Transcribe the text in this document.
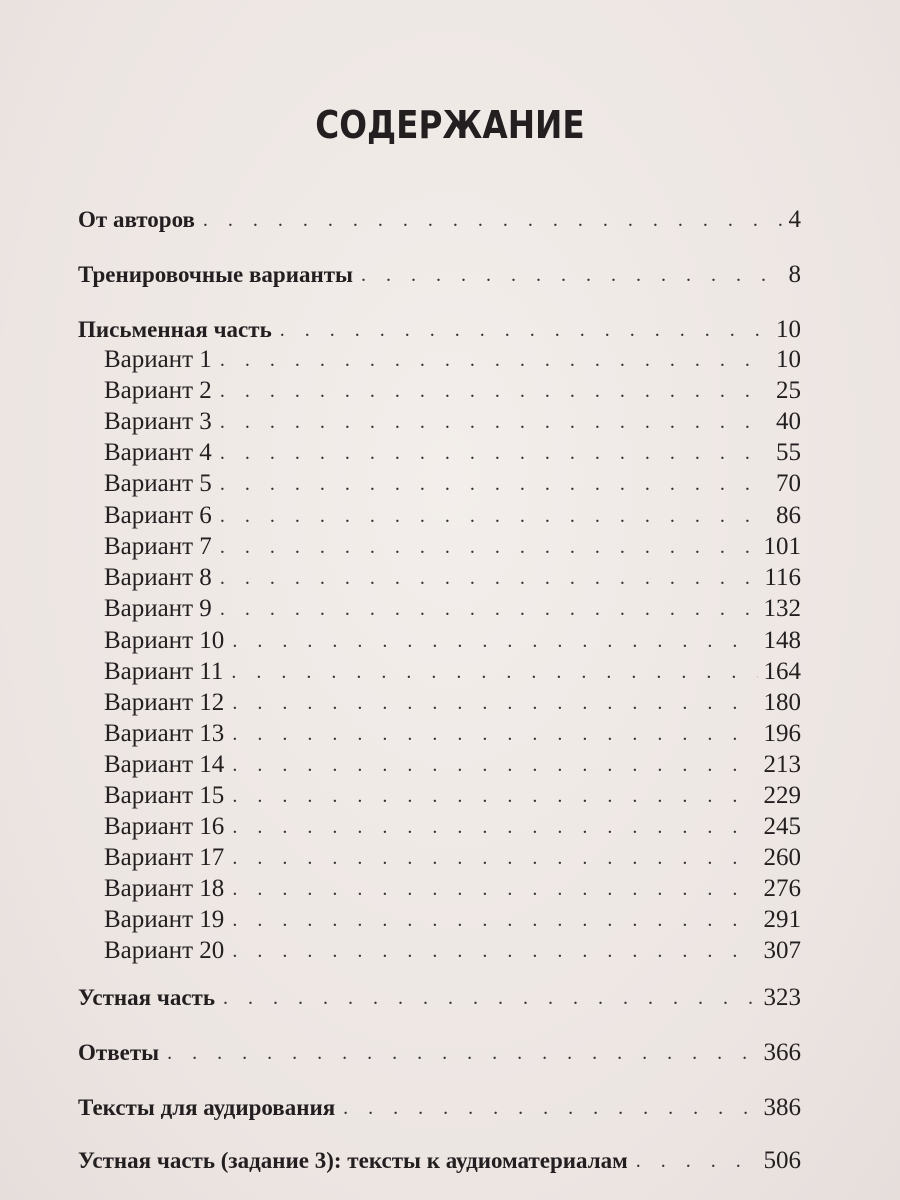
СОДЕРЖАНИЕ
От авторов . . .	4
Тренировочные варианты . . .	8
Письменная часть . . .	10
Вариант 1 . . .	10
Вариант 2 . . .	25
Вариант 3 . . .	40
Вариант 4 . . .	55
Вариант 5 . . .	70
Вариант 6 . . .	86
Вариант 7 . . .	101
Вариант 8 . . .	116
Вариант 9 . . .	132
Вариант 10 . . .	148
Вариант 11 . . .	164
Вариант 12 . . .	180
Вариант 13 . . .	196
Вариант 14 . . .	213
Вариант 15 . . .	229
Вариант 16 . . .	245
Вариант 17 . . .	260
Вариант 18 . . .	276
Вариант 19 . . .	291
Вариант 20 . . .	307
Устная часть . . .	323
Ответы . . .	366
Тексты для аудирования . . .	386
Устная часть (задание 3): тексты к аудиоматериалам . . .	506
